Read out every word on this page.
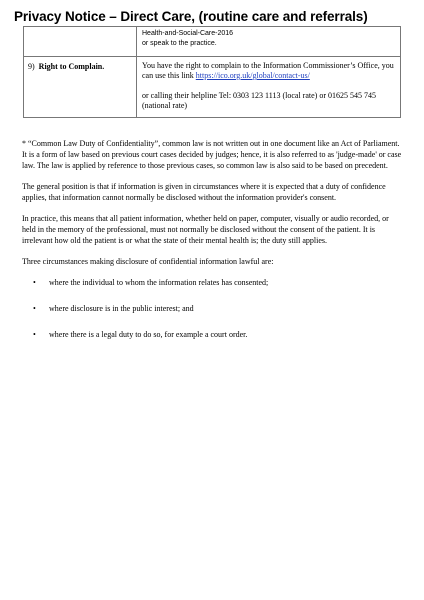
Privacy Notice – Direct Care, (routine care and referrals)

	Health-and-Social-Care-2016
or speak to the practice.

9) Right to Complain.	You have the right to complain to the Information Commissioner’s Office, you can use this link https://ico.org.uk/global/contact-us/

or calling their helpline Tel: 0303 123 1113 (local rate) or 01625 545 745 (national rate)

* “Common Law Duty of Confidentiality”, common law is not written out in one document like an Act of Parliament. It is a form of law based on previous court cases decided by judges; hence, it is also referred to as 'judge-made' or case law. The law is applied by reference to those previous cases, so common law is also said to be based on precedent.

The general position is that if information is given in circumstances where it is expected that a duty of confidence applies, that information cannot normally be disclosed without the information provider's consent.

In practice, this means that all patient information, whether held on paper, computer, visually or audio recorded, or held in the memory of the professional, must not normally be disclosed without the consent of the patient. It is irrelevant how old the patient is or what the state of their mental health is; the duty still applies.

Three circumstances making disclosure of confidential information lawful are:

• where the individual to whom the information relates has consented;
• where disclosure is in the public interest; and
• where there is a legal duty to do so, for example a court order.
